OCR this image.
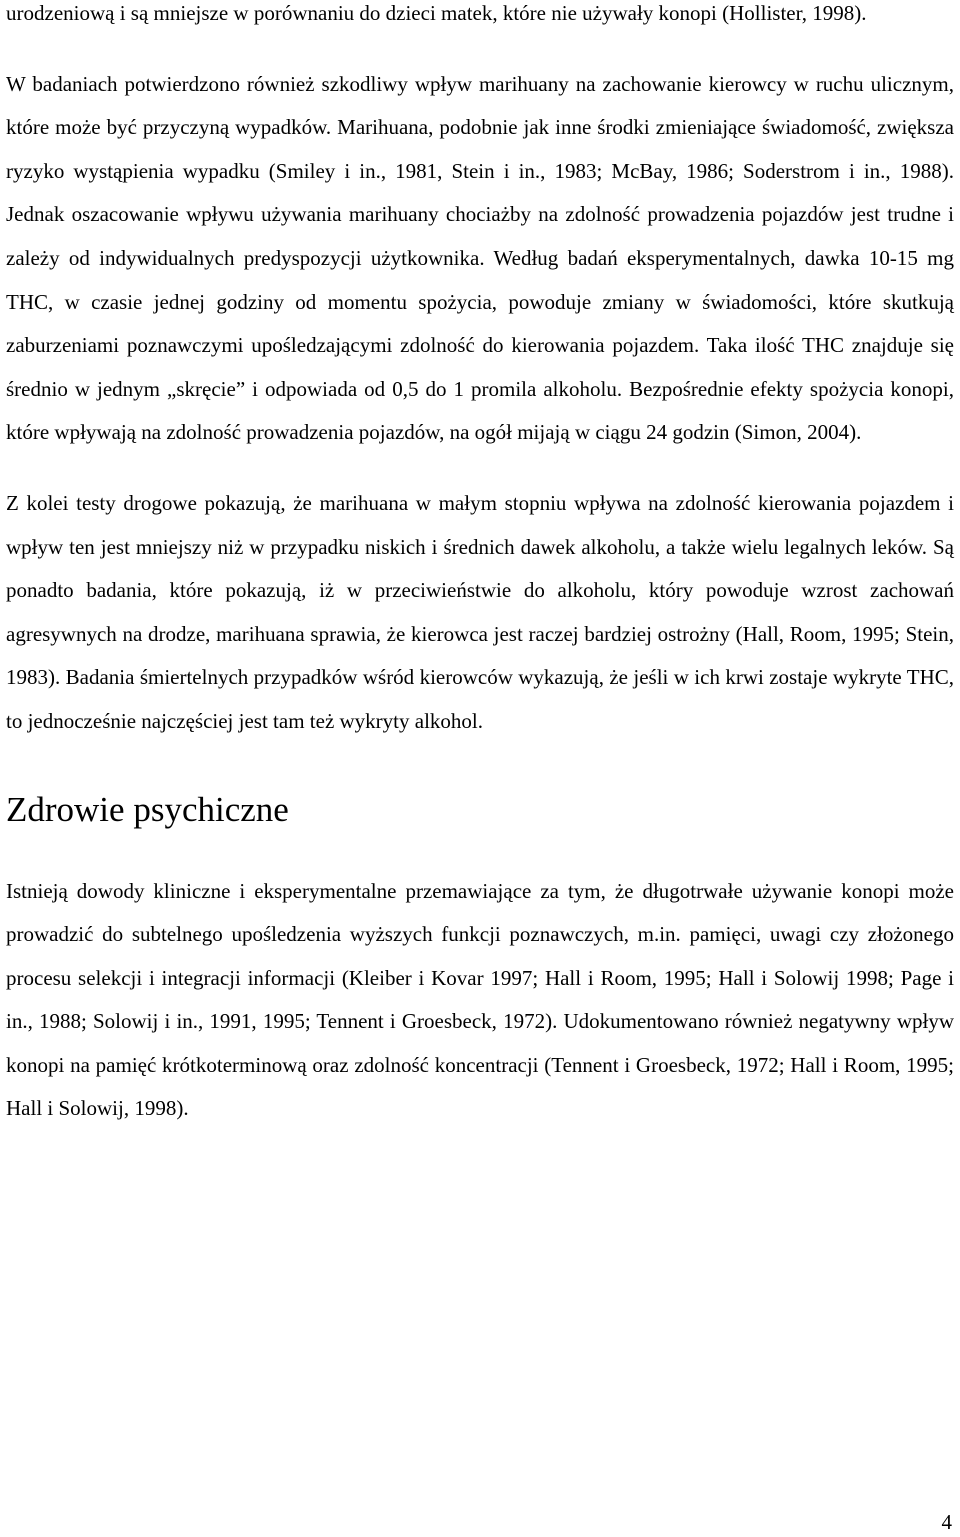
urodzeniową i są mniejsze w porównaniu do dzieci matek, które nie używały konopi (Hollister, 1998).

W badaniach potwierdzono również szkodliwy wpływ marihuany na zachowanie kierowcy w ruchu ulicznym, które może być przyczyną wypadków. Marihuana, podobnie jak inne środki zmieniające świadomość, zwiększa ryzyko wystąpienia wypadku (Smiley i in., 1981, Stein i in., 1983; McBay, 1986; Soderstrom i in., 1988). Jednak oszacowanie wpływu używania marihuany chociażby na zdolność prowadzenia pojazdów jest trudne i zależy od indywidualnych predyspozycji użytkownika. Według badań eksperymentalnych, dawka 10-15 mg THC, w czasie jednej godziny od momentu spożycia, powoduje zmiany w świadomości, które skutkują zaburzeniami poznawczymi upośledzającymi zdolność do kierowania pojazdem. Taka ilość THC znajduje się średnio w jednym „skręcie” i odpowiada od 0,5 do 1 promila alkoholu. Bezpośrednie efekty spożycia konopi, które wpływają na zdolność prowadzenia pojazdów, na ogół mijają w ciągu 24 godzin (Simon, 2004).

Z kolei testy drogowe pokazują, że marihuana w małym stopniu wpływa na zdolność kierowania pojazdem i wpływ ten jest mniejszy niż w przypadku niskich i średnich dawek alkoholu, a także wielu legalnych leków. Są ponadto badania, które pokazują, iż w przeciwieństwie do alkoholu, który powoduje wzrost zachowań agresywnych na drodze, marihuana sprawia, że kierowca jest raczej bardziej ostrożny (Hall, Room, 1995; Stein, 1983). Badania śmiertelnych przypadków wśród kierowców wykazują, że jeśli w ich krwi zostaje wykryte THC, to jednocześnie najczęściej jest tam też wykryty alkohol.

Zdrowie psychiczne

Istnieją dowody kliniczne i eksperymentalne przemawiające za tym, że długotrwałe używanie konopi może prowadzić do subtelnego upośledzenia wyższych funkcji poznawczych, m.in. pamięci, uwagi czy złożonego procesu selekcji i integracji informacji (Kleiber i Kovar 1997; Hall i Room, 1995; Hall i Solowij 1998; Page i in., 1988; Solowij i in., 1991, 1995; Tennent i Groesbeck, 1972). Udokumentowano również negatywny wpływ konopi na pamięć krótkoterminową oraz zdolność koncentracji (Tennent i Groesbeck, 1972; Hall i Room, 1995; Hall i Solowij, 1998).

4
